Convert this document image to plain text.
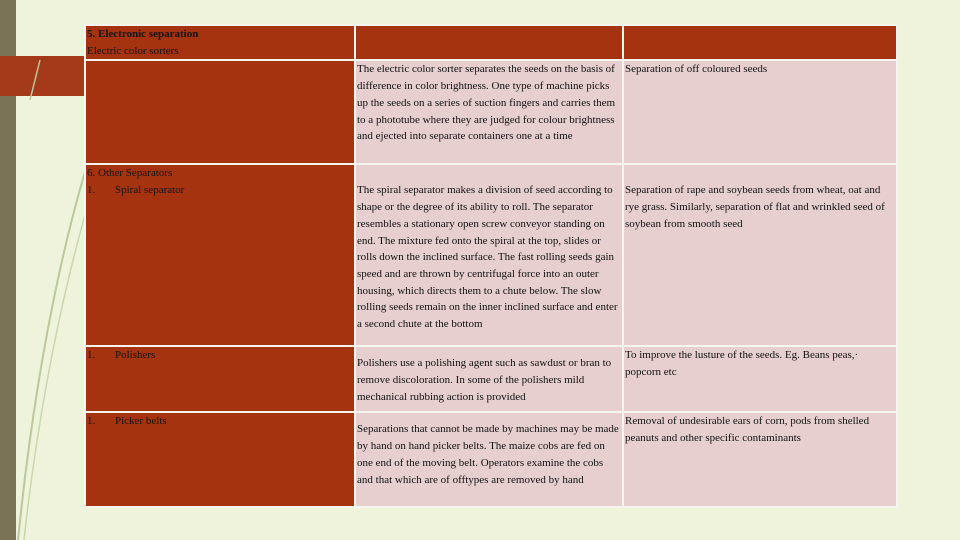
5. Electronic separation
Electric color sorters		

	The electric color sorter separates the seeds on the basis of difference in color brightness. One type of machine picks up the seeds on a series of suction fingers and carries them to a phototube where they are judged for colour brightness and ejected into separate containers one at a time	Separation of off coloured seeds

6. Other Separators
1. Spiral separator	The spiral separator makes a division of seed according to shape or the degree of its ability to roll. The separator resembles a stationary open screw conveyor standing on end. The mixture fed onto the spiral at the top, slides or rolls down the inclined surface. The fast rolling seeds gain speed and are thrown by centrifugal force into an outer housing, which directs them to a chute below. The slow rolling seeds remain on the inner inclined surface and enter a second chute at the bottom	Separation of rape and soybean seeds from wheat, oat and rye grass. Similarly, separation of flat and wrinkled seed of soybean from smooth seed
1. Polishers	Polishers use a polishing agent such as sawdust or bran to remove discoloration. In some of the polishers mild mechanical rubbing action is provided	To improve the lusture of the seeds. Eg. Beans peas,· popcorn etc
1. Picker belts	Separations that cannot be made by machines may be made by hand on hand picker belts. The maize cobs are fed on one end of the moving belt. Operators examine the cobs and that which are of offtypes are removed by hand	Removal of undesirable ears of corn, pods from shelled peanuts and other specific contaminants
